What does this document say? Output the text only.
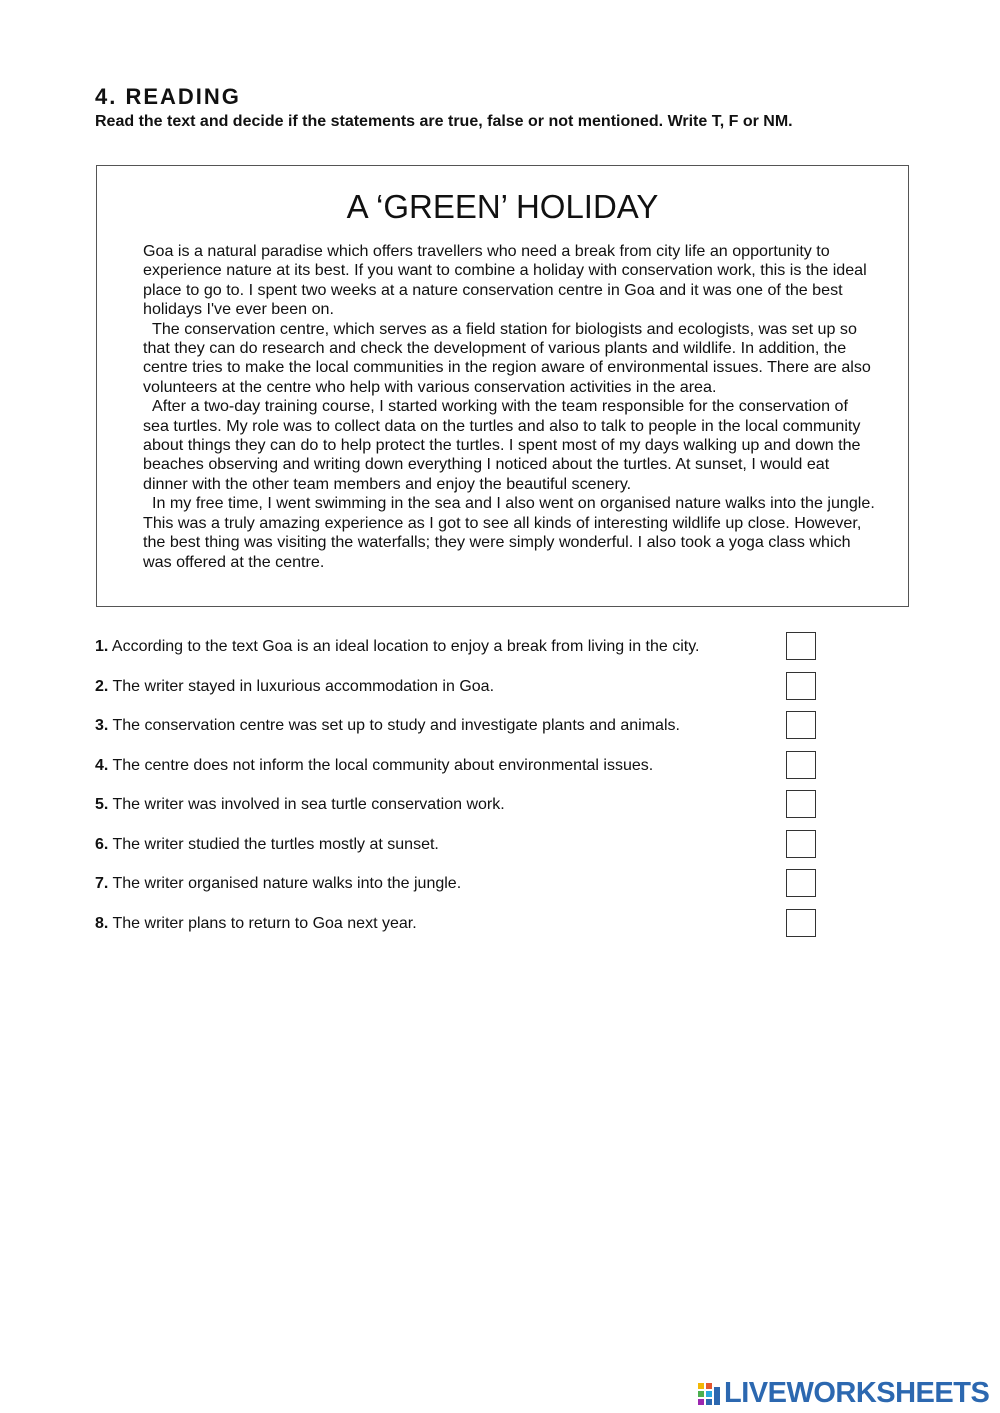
4. READING

Read the text and decide if the statements are true, false or not mentioned. Write T, F or NM.

A ‘GREEN’ HOLIDAY

Goa is a natural paradise which offers travellers who need a break from city life an opportunity to experience nature at its best. If you want to combine a holiday with conservation work, this is the ideal place to go to. I spent two weeks at a nature conservation centre in Goa and it was one of the best holidays I've ever been on.

The conservation centre, which serves as a field station for biologists and ecologists, was set up so that they can do research and check the development of various plants and wildlife. In addition, the centre tries to make the local communities in the region aware of environmental issues. There are also volunteers at the centre who help with various conservation activities in the area.

After a two-day training course, I started working with the team responsible for the conservation of sea turtles. My role was to collect data on the turtles and also to talk to people in the local community about things they can do to help protect the turtles. I spent most of my days walking up and down the beaches observing and writing down everything I noticed about the turtles. At sunset, I would eat dinner with the other team members and enjoy the beautiful scenery.

In my free time, I went swimming in the sea and I also went on organised nature walks into the jungle. This was a truly amazing experience as I got to see all kinds of interesting wildlife up close. However, the best thing was visiting the waterfalls; they were simply wonderful. I also took a yoga class which was offered at the centre.

1. According to the text Goa is an ideal location to enjoy a break from living in the city.
2. The writer stayed in luxurious accommodation in Goa.
3. The conservation centre was set up to study and investigate plants and animals.
4. The centre does not inform the local community about environmental issues.
5. The writer was involved in sea turtle conservation work.
6. The writer studied the turtles mostly at sunset.
7. The writer organised nature walks into the jungle.
8. The writer plans to return to Goa next year.
LIVEWORKSHEETS
